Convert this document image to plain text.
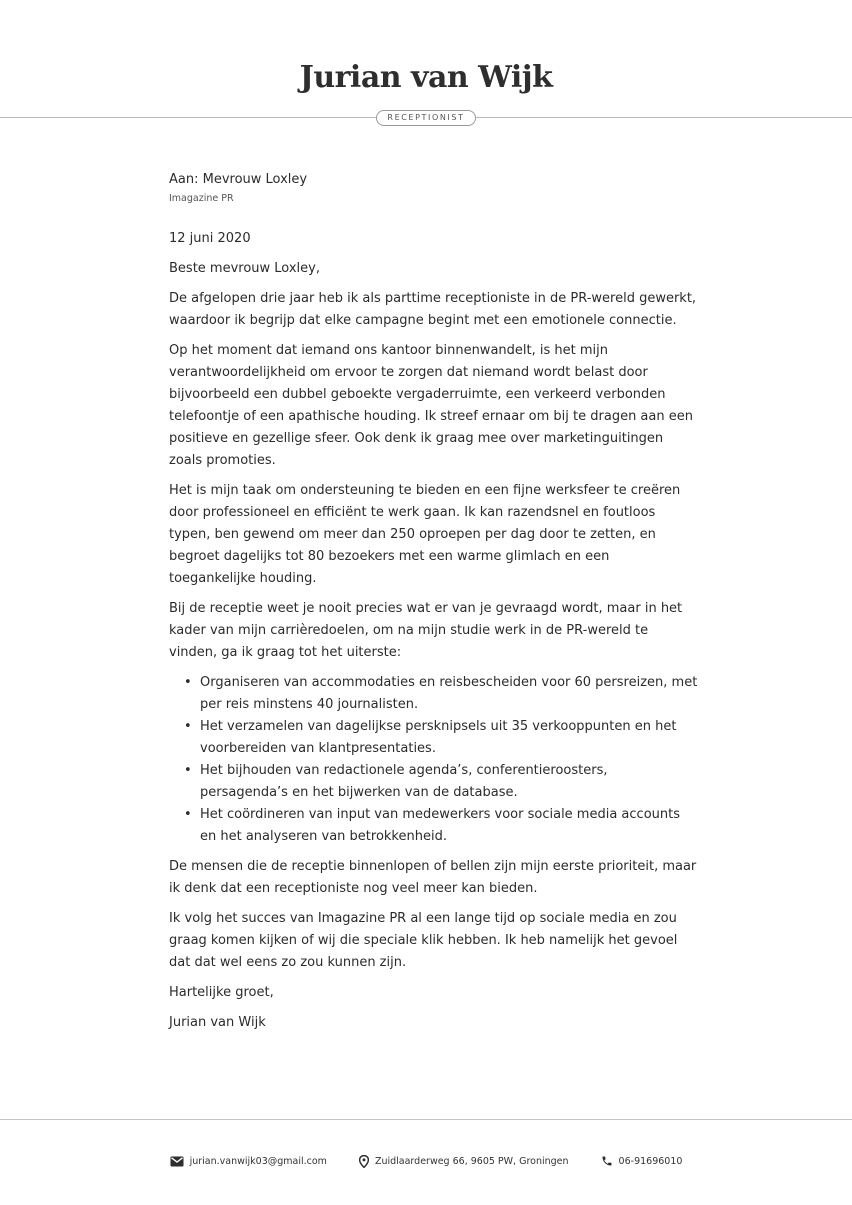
Jurian van Wijk
RECEPTIONIST

Aan: Mevrouw Loxley

Imagazine PR

12 juni 2020

Beste mevrouw Loxley,

De afgelopen drie jaar heb ik als parttime receptioniste in de PR-wereld gewerkt, waardoor ik begrijp dat elke campagne begint met een emotionele connectie.

Op het moment dat iemand ons kantoor binnenwandelt, is het mijn verantwoordelijkheid om ervoor te zorgen dat niemand wordt belast door bijvoorbeeld een dubbel geboekte vergaderruimte, een verkeerd verbonden telefoontje of een apathische houding. Ik streef ernaar om bij te dragen aan een positieve en gezellige sfeer. Ook denk ik graag mee over marketinguitingen zoals promoties.

Het is mijn taak om ondersteuning te bieden en een fijne werksfeer te creëren door professioneel en efficiënt te werk gaan. Ik kan razendsnel en foutloos typen, ben gewend om meer dan 250 oproepen per dag door te zetten, en begroet dagelijks tot 80 bezoekers met een warme glimlach en een toegankelijke houding.

Bij de receptie weet je nooit precies wat er van je gevraagd wordt, maar in het kader van mijn carrièredoelen, om na mijn studie werk in de PR-wereld te vinden, ga ik graag tot het uiterste:

• Organiseren van accommodaties en reisbescheiden voor 60 persreizen, met per reis minstens 40 journalisten.
• Het verzamelen van dagelijkse persknipsels uit 35 verkooppunten en het voorbereiden van klantpresentaties.
• Het bijhouden van redactionele agenda’s, conferentieroosters, persagenda’s en het bijwerken van de database.
• Het coördineren van input van medewerkers voor sociale media accounts en het analyseren van betrokkenheid.

De mensen die de receptie binnenlopen of bellen zijn mijn eerste prioriteit, maar ik denk dat een receptioniste nog veel meer kan bieden.

Ik volg het succes van Imagazine PR al een lange tijd op sociale media en zou graag komen kijken of wij die speciale klik hebben. Ik heb namelijk het gevoel dat dat wel eens zo zou kunnen zijn.

Hartelijke groet,

Jurian van Wijk

jurian.vanwijk03@gmail.com	Zuidlaarderweg 66, 9605 PW, Groningen	06-91696010
